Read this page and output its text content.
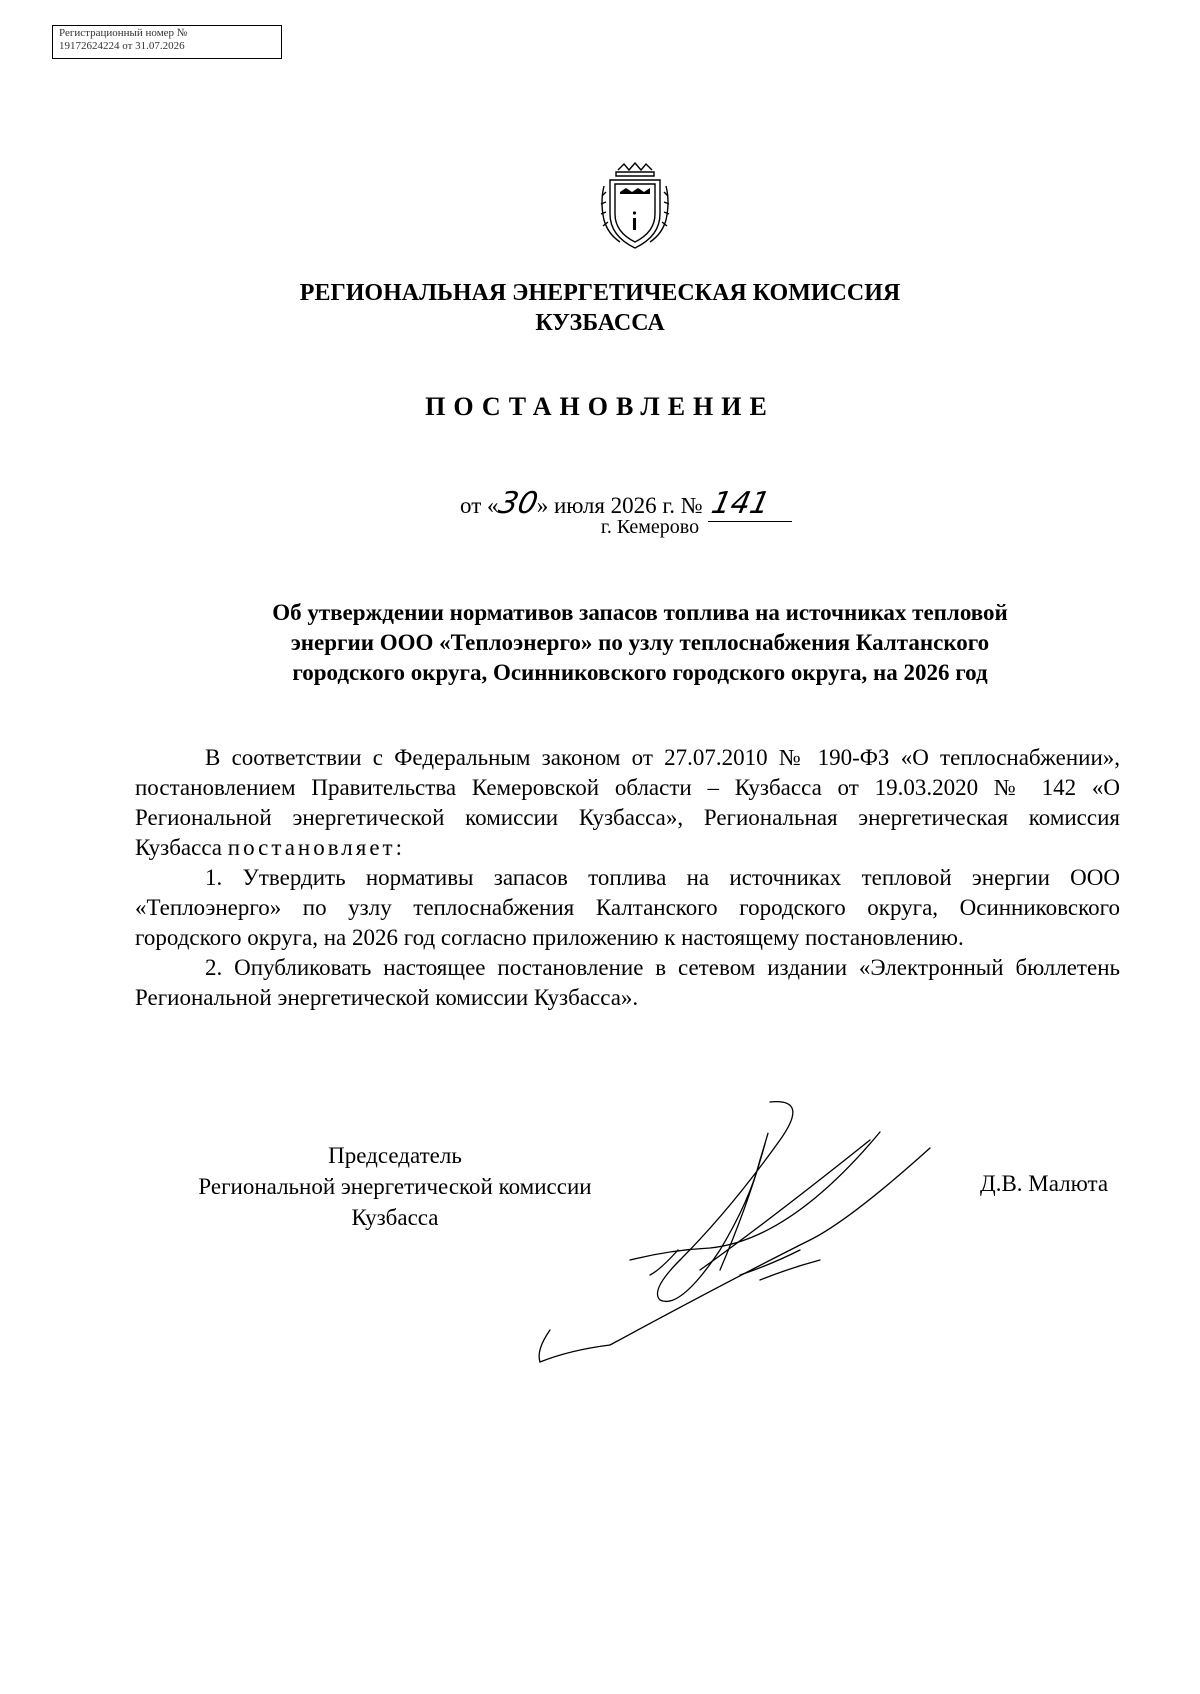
Регистрационный номер №
19172624224 от 31.07.2026
РЕГИОНАЛЬНАЯ ЭНЕРГЕТИЧЕСКАЯ КОМИССИЯ
КУЗБАССА
ПОСТАНОВЛЕНИЕ
от «30» июля 2026 г. № 141
г. Кемерово
Об утверждении нормативов запасов топлива на источниках тепловой
энергии ООО «Теплоэнерго» по узлу теплоснабжения Калтанского
городского округа, Осинниковского городского округа, на 2026 год

В соответствии с Федеральным законом от 27.07.2010 № 190-ФЗ «О теплоснабжении», постановлением Правительства Кемеровской области – Кузбасса от 19.03.2020 № 142 «О Региональной энергетической комиссии Кузбасса», Региональная энергетическая комиссия Кузбасса постановляет:

1. Утвердить нормативы запасов топлива на источниках тепловой энергии ООО «Теплоэнерго» по узлу теплоснабжения Калтанского городского округа, Осинниковского городского округа, на 2026 год согласно приложению к настоящему постановлению.

2. Опубликовать настоящее постановление в сетевом издании «Электронный бюллетень Региональной энергетической комиссии Кузбасса».

Председатель
Региональной энергетической комиссии
Кузбасса
Д.В. Малюта
